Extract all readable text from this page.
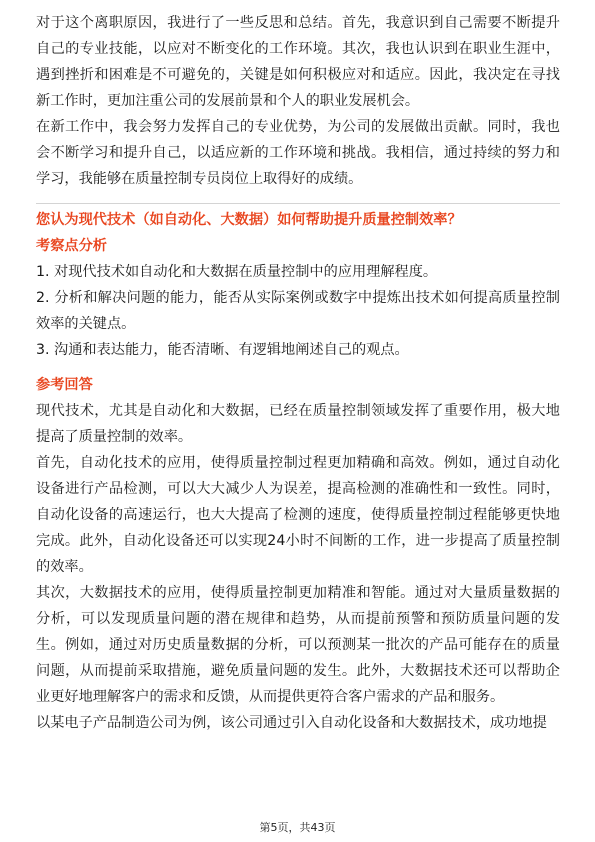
对于这个离职原因，我进行了一些反思和总结。首先，我意识到自己需要不断提升自己的专业技能，以应对不断变化的工作环境。其次，我也认识到在职业生涯中，遇到挫折和困难是不可避免的，关键是如何积极应对和适应。因此，我决定在寻找新工作时，更加注重公司的发展前景和个人的职业发展机会。

在新工作中，我会努力发挥自己的专业优势，为公司的发展做出贡献。同时，我也会不断学习和提升自己，以适应新的工作环境和挑战。我相信，通过持续的努力和学习，我能够在质量控制专员岗位上取得好的成绩。

您认为现代技术（如自动化、大数据）如何帮助提升质量控制效率？

考察点分析

1. 对现代技术如自动化和大数据在质量控制中的应用理解程度。

2. 分析和解决问题的能力，能否从实际案例或数字中提炼出技术如何提高质量控制效率的关键点。

3. 沟通和表达能力，能否清晰、有逻辑地阐述自己的观点。

参考回答

现代技术，尤其是自动化和大数据，已经在质量控制领域发挥了重要作用，极大地提高了质量控制的效率。

首先，自动化技术的应用，使得质量控制过程更加精确和高效。例如，通过自动化设备进行产品检测，可以大大减少人为误差，提高检测的准确性和一致性。同时，自动化设备的高速运行，也大大提高了检测的速度，使得质量控制过程能够更快地完成。此外，自动化设备还可以实现24小时不间断的工作，进一步提高了质量控制的效率。

其次，大数据技术的应用，使得质量控制更加精准和智能。通过对大量质量数据的分析，可以发现质量问题的潜在规律和趋势，从而提前预警和预防质量问题的发生。例如，通过对历史质量数据的分析，可以预测某一批次的产品可能存在的质量问题，从而提前采取措施，避免质量问题的发生。此外，大数据技术还可以帮助企业更好地理解客户的需求和反馈，从而提供更符合客户需求的产品和服务。

以某电子产品制造公司为例，该公司通过引入自动化设备和大数据技术，成功地提

第5页，共43页
